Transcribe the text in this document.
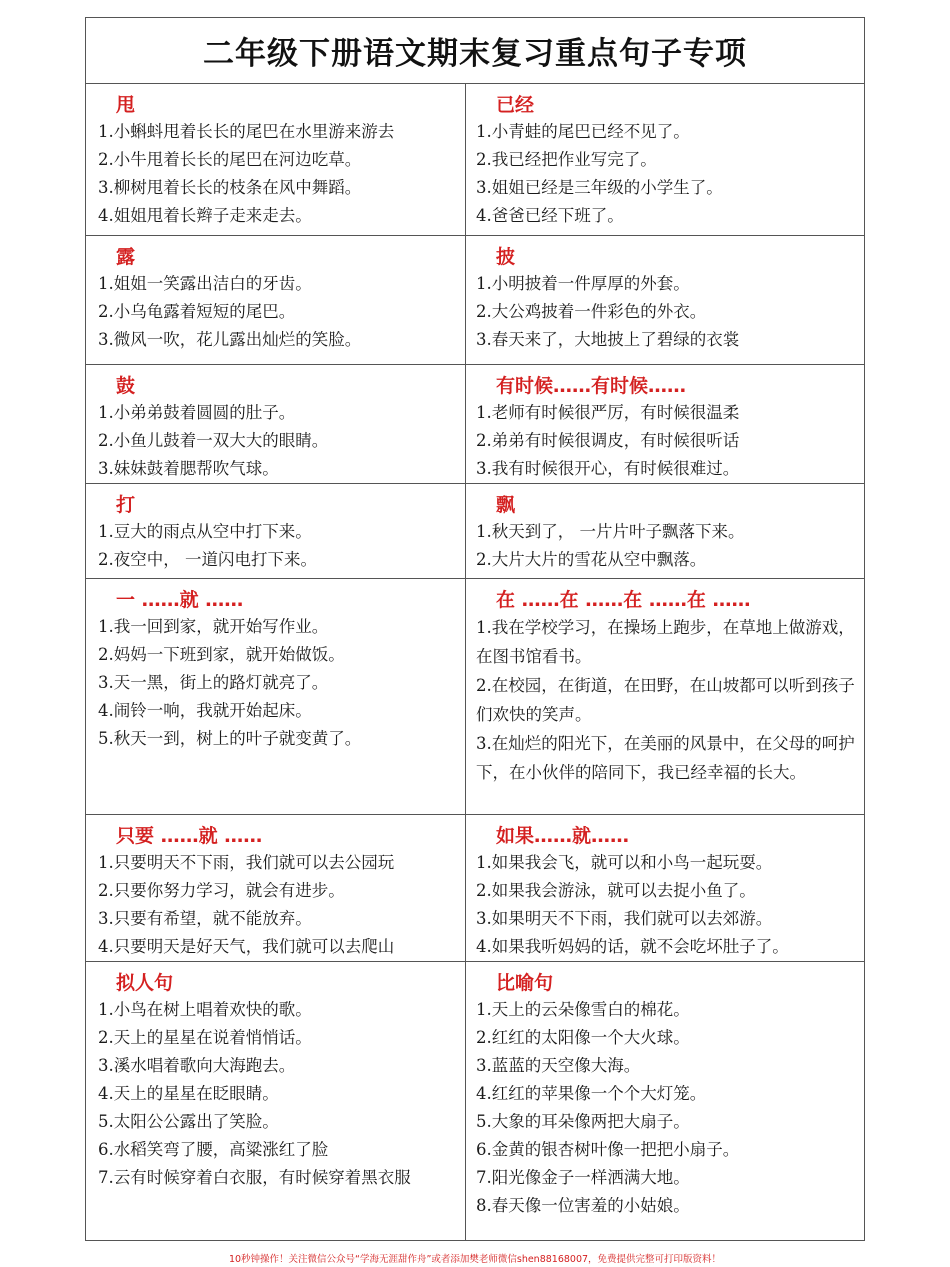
二年级下册语文期末复习重点句子专项
甩
1.小蝌蚪甩着长长的尾巴在水里游来游去
2.小牛甩着长长的尾巴在河边吃草。
3.柳树甩着长长的枝条在风中舞蹈。
4.姐姐甩着长辫子走来走去。
已经
1.小青蛙的尾巴已经不见了。
2.我已经把作业写完了。
3.姐姐已经是三年级的小学生了。
4.爸爸已经下班了。
露
1.姐姐一笑露出洁白的牙齿。
2.小乌龟露着短短的尾巴。
3.微风一吹，花儿露出灿烂的笑脸。
披
1.小明披着一件厚厚的外套。
2.大公鸡披着一件彩色的外衣。
3.春天来了，大地披上了碧绿的衣裳
鼓
1.小弟弟鼓着圆圆的肚子。
2.小鱼儿鼓着一双大大的眼睛。
3.妹妹鼓着腮帮吹气球。
有时候……有时候……
1.老师有时候很严厉，有时候很温柔
2.弟弟有时候很调皮，有时候很听话
3.我有时候很开心，有时候很难过。
打
1.豆大的雨点从空中打下来。
2.夜空中， 一道闪电打下来。
飘
1.秋天到了， 一片片叶子飘落下来。
2.大片大片的雪花从空中飘落。
一 ……就 ……
1.我一回到家，就开始写作业。
2.妈妈一下班到家，就开始做饭。
3.天一黑，街上的路灯就亮了。
4.闹铃一响，我就开始起床。
5.秋天一到，树上的叶子就变黄了。
在 ……在 ……在 ……在 ……
1.我在学校学习，在操场上跑步，在草地上做游戏，在图书馆看书。
2.在校园，在街道，在田野，在山坡都可以听到孩子们欢快的笑声。
3.在灿烂的阳光下，在美丽的风景中，在父母的呵护下，在小伙伴的陪同下，我已经幸福的长大。
只要 ……就 ……
1.只要明天不下雨，我们就可以去公园玩
2.只要你努力学习，就会有进步。
3.只要有希望，就不能放弃。
4.只要明天是好天气，我们就可以去爬山
如果……就……
1.如果我会飞，就可以和小鸟一起玩耍。
2.如果我会游泳，就可以去捉小鱼了。
3.如果明天不下雨，我们就可以去郊游。
4.如果我听妈妈的话，就不会吃坏肚子了。
拟人句
1.小鸟在树上唱着欢快的歌。
2.天上的星星在说着悄悄话。
3.溪水唱着歌向大海跑去。
4.天上的星星在眨眼睛。
5.太阳公公露出了笑脸。
6.水稻笑弯了腰，高粱涨红了脸
7.云有时候穿着白衣服，有时候穿着黑衣服
比喻句
1.天上的云朵像雪白的棉花。
2.红红的太阳像一个大火球。
3.蓝蓝的天空像大海。
4.红红的苹果像一个个大灯笼。
5.大象的耳朵像两把大扇子。
6.金黄的银杏树叶像一把把小扇子。
7.阳光像金子一样洒满大地。
8.春天像一位害羞的小姑娘。
10秒钟操作！关注微信公众号“学海无涯甜作舟”或者添加樊老师微信shen88168007，免费提供完整可打印版资料！
